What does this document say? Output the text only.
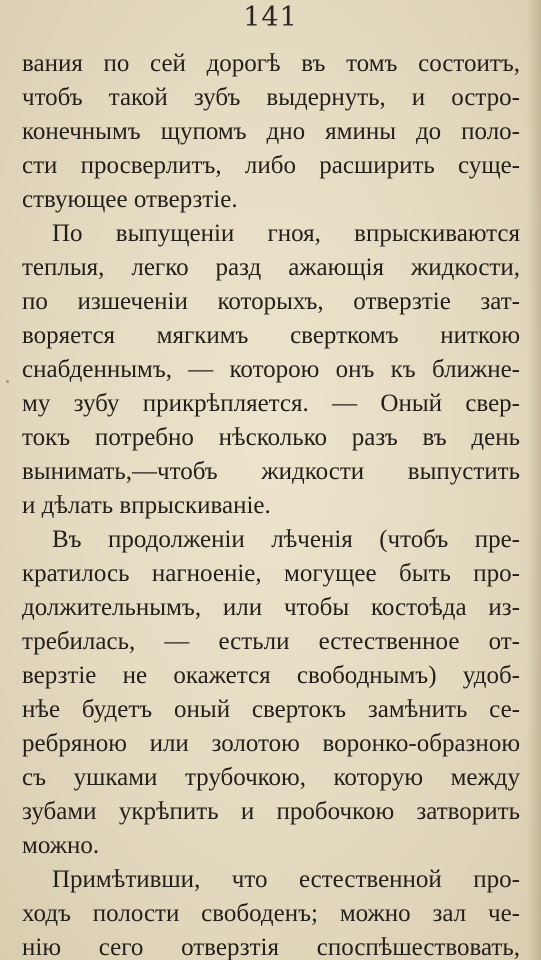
141
вания по сей дорогѣ въ томъ состоитъ,
чтобъ такой зубъ выдернуть, и остро-
конечнымъ щупомъ дно ямины до поло-
сти просверлитъ, либо расширить суще-
ствующее отверзтіе.
По выпущеніи гноя, впрыскиваются
теплыя, легко разд ажающія жидкости,
по изшеченіи которыхъ, отверзтіе зат-
воряется мягкимъ сверткомъ ниткою
снабденнымъ, — которою онъ къ ближне-
му зубу прикрѣпляется. — Оный свер-
токъ потребно нѣсколько разъ въ день
вынимать,—чтобъ жидкости выпустить
и дѣлать впрыскиваніе.
Въ продолженіи лѣченія (чтобъ пре-
кратилось нагноеніе, могущее быть про-
должительнымъ, или чтобы костоѣда из-
требилась, — естьли естественное от-
верзтіе не окажется свободнымъ) удоб-
нѣе будетъ оный свертокъ замѣнить се-
ребряною или золотою воронко-образною
съ ушками трубочкою, которую между
зубами укрѣпить и пробочкою затворить
можно.
Примѣтивши, что естественной про-
ходъ полости свободенъ; можно зал че-
нію сего отверзтія споспѣшествовать,
